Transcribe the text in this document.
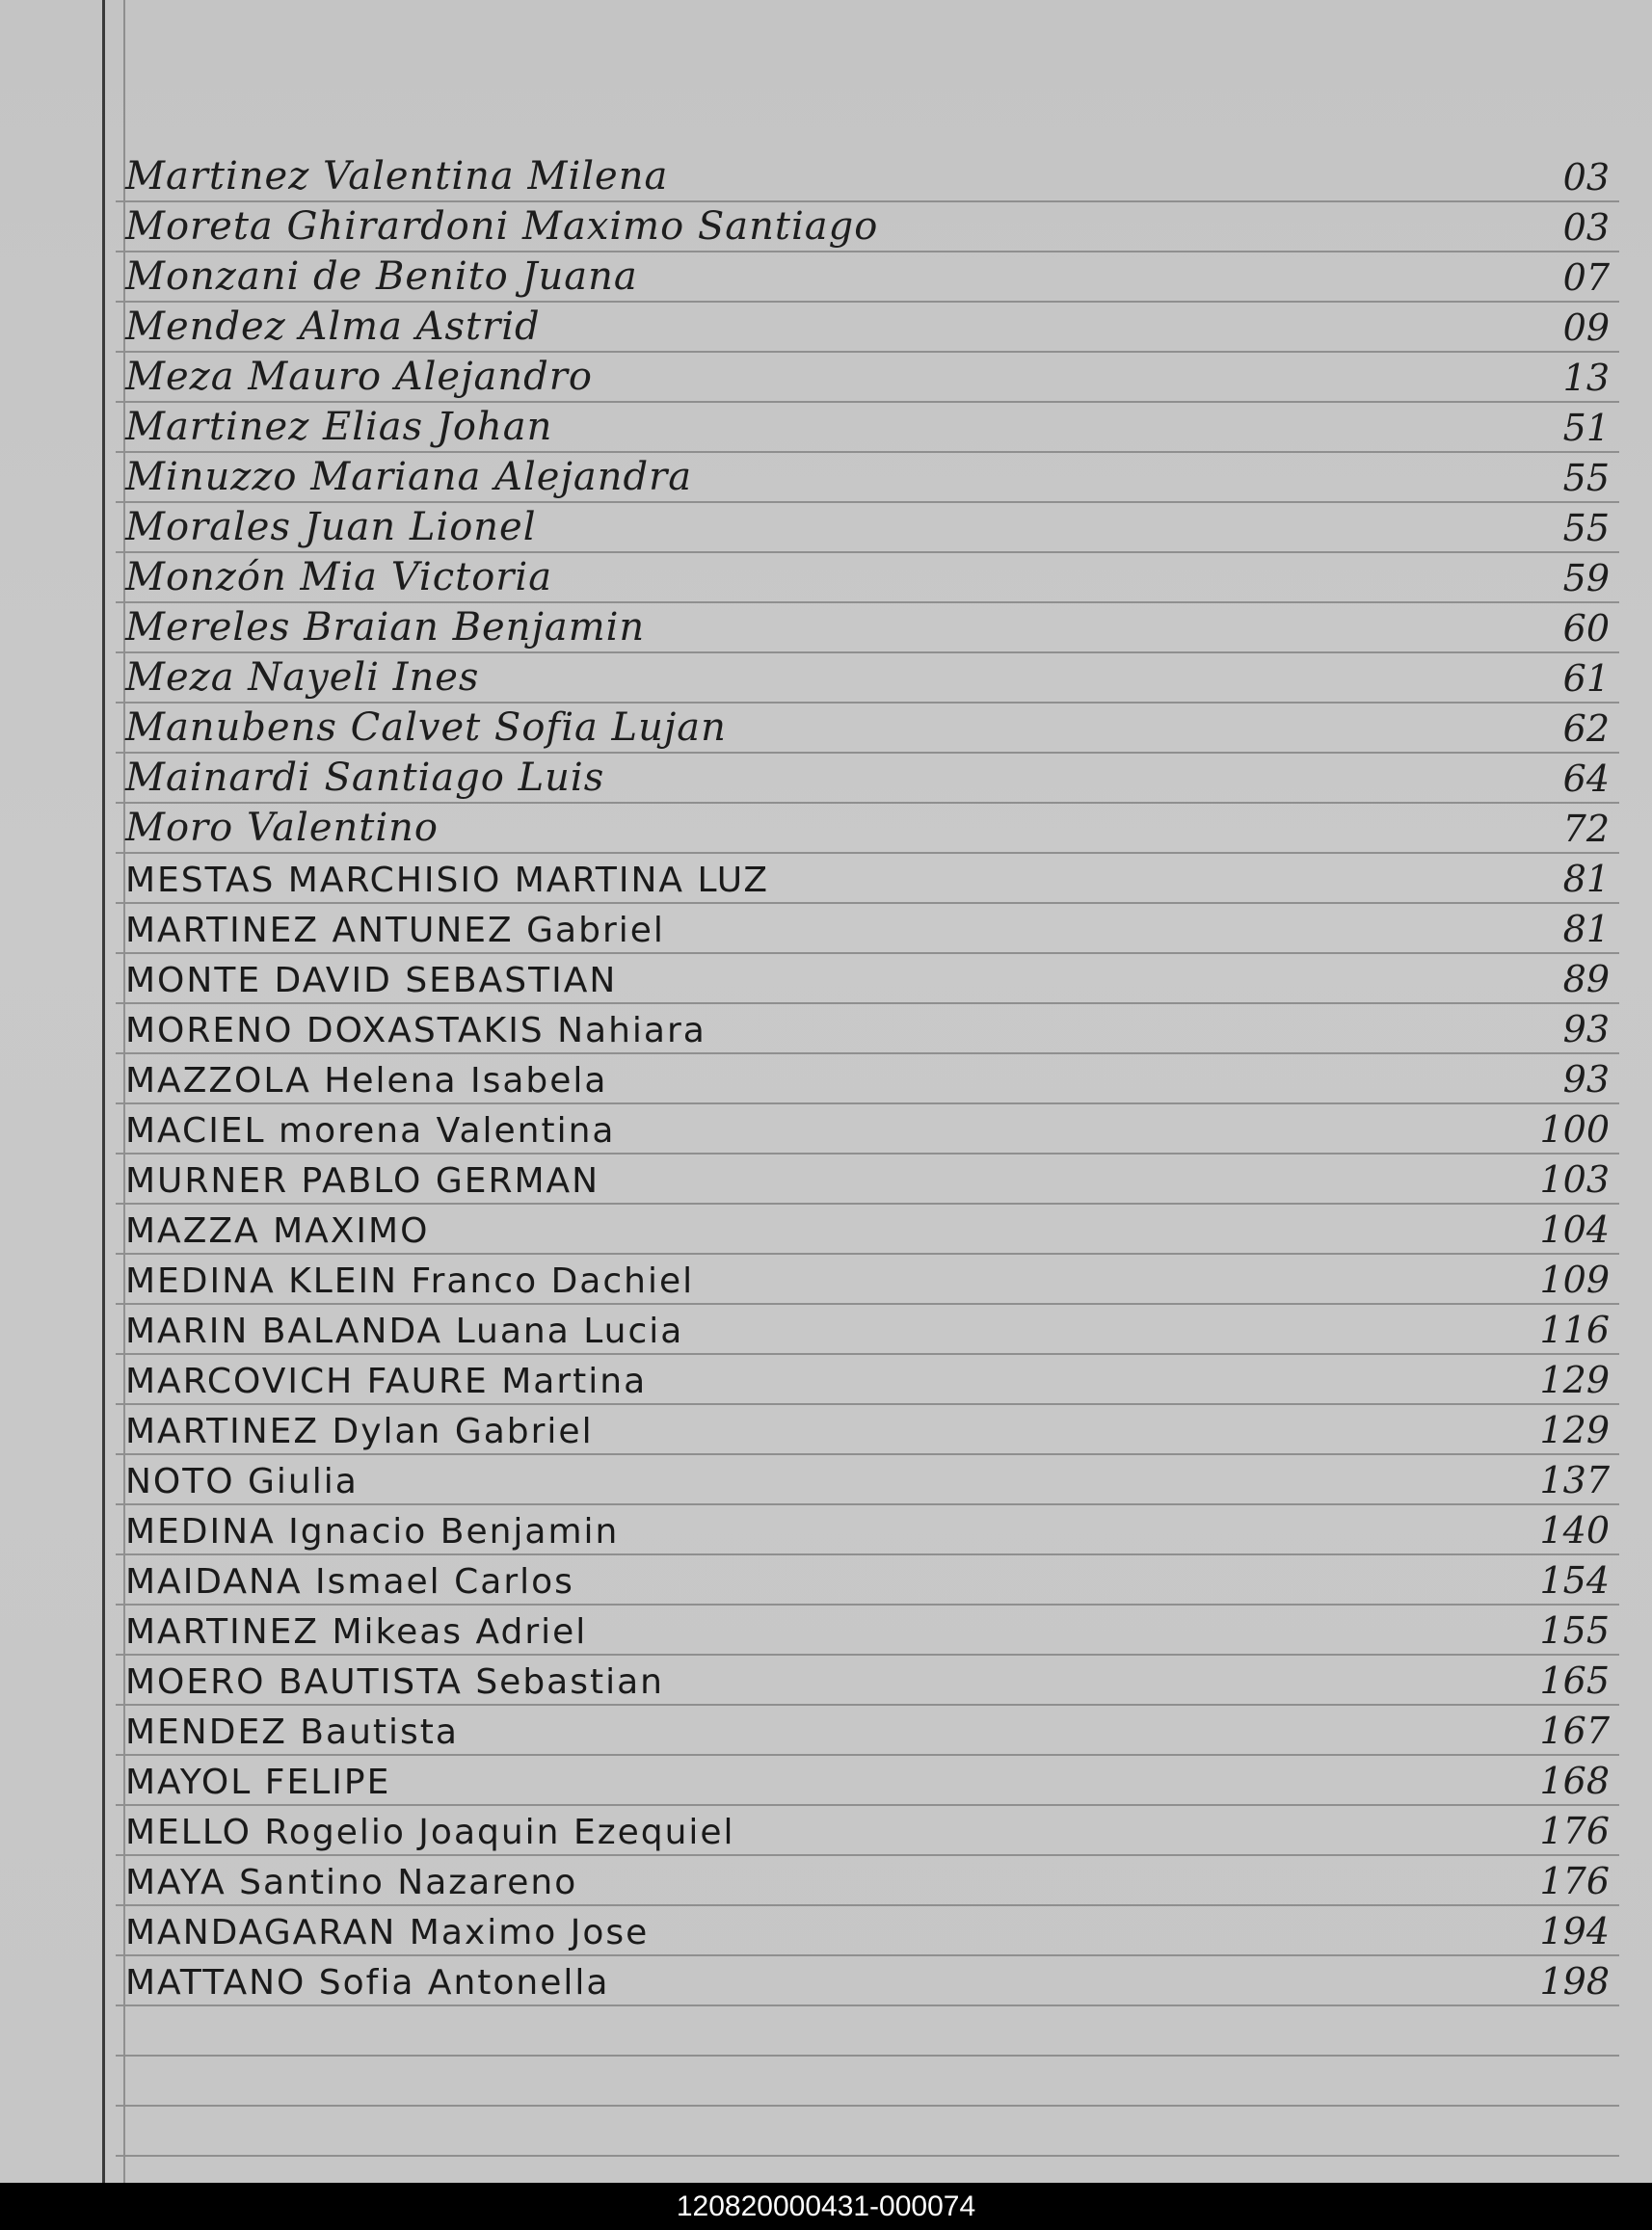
Martinez Valentina Milena	03
Moreta Ghirardoni Maximo Santiago	03
Monzani de Benito Juana	07
Mendez Alma Astrid	09
Meza Mauro Alejandro	13
Martinez Elias Johan	51
Minuzzo Mariana Alejandra	55
Morales Juan Lionel	55
Monzón Mia Victoria	59
Mereles Braian Benjamin	60
Meza Nayeli Ines	61
Manubens Calvet Sofia Lujan	62
Mainardi Santiago Luis	64
Moro Valentino	72
MESTAS MARCHISIO MARTINA LUZ	81
MARTINEZ ANTUNEZ Gabriel	81
MONTE DAVID SEBASTIAN	89
MORENO DOXASTAKIS Nahiara	93
MAZZOLA Helena Isabela	93
MACIEL morena Valentina	100
MURNER PABLO GERMAN	103
MAZZA MAXIMO	104
MEDINA KLEIN Franco Dachiel	109
MARIN BALANDA Luana Lucia	116
MARCOVICH FAURE Martina	129
MARTINEZ Dylan Gabriel	129
NOTO Giulia	137
MEDINA Ignacio Benjamin	140
MAIDANA Ismael Carlos	154
MARTINEZ Mikeas Adriel	155
MOERO BAUTISTA Sebastian	165
MENDEZ Bautista	167
MAYOL FELIPE	168
MELLO Rogelio Joaquin Ezequiel	176
MAYA Santino Nazareno	176
MANDAGARAN Maximo Jose	194
MATTANO Sofia Antonella	198
120820000431-000074
